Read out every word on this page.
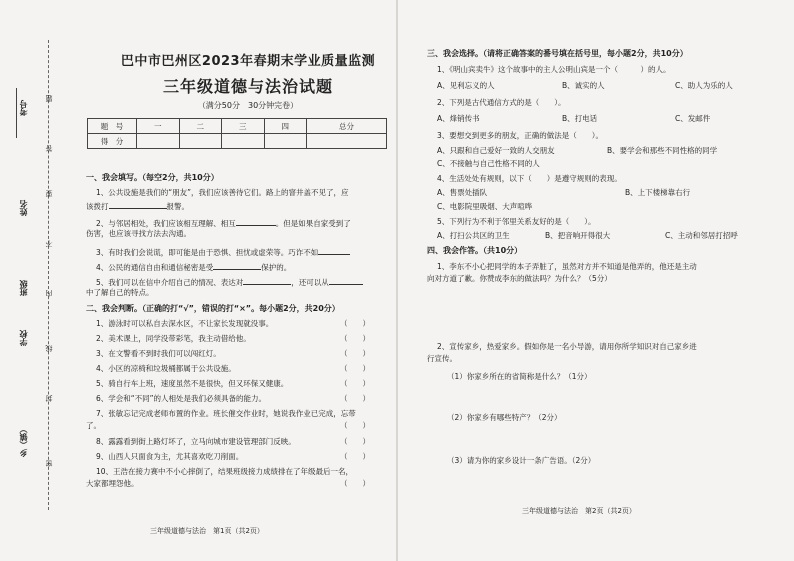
题
答
要
不
内
线
封
密
考号
姓名
班级
学校
乡（镇）
巴中市巴州区2023年春期末学业质量监测
三年级道德与法治试题
（满分50分　30分钟完卷）
题　号	一	二	三	四	总分
得　分					
一、我会填写。（每空2分，共10分）
1、公共设施是我们的“朋友”，我们应该善待它们。路上的窨井盖不见了，应
该拨打	报警。
2、与邻居相处，我们应该相互理解、相互	。但是如果自家受到了
伤害，也应该寻找方法去沟通。
3、有时我们会说谎，即可能是由于恐惧、担忧或虚荣等。巧诈不如
4、公民的通信自由和通信秘密是受	保护的。
5、我们可以在信中介绍自己的情况、表达对	，还可以从
中了解自己的特点。
二、我会判断。（正确的打“√”，错误的打“×”。每小题2分，共20分）
1、游泳时可以私自去深水区，不让家长发现就没事。	（　　）
2、美术课上，同学没带彩笔，我主动借给他。	（　　）
3、在文警看不到时我们可以闯红灯。	（　　）
4、小区的凉椅和垃圾桶都属于公共设施。	（　　）
5、骑自行车上班，速度虽然不是很快，但又环保又健康。	（　　）
6、学会和“不同”的人相处是我们必须具备的能力。	（　　）
7、张敏忘记完成老师布置的作业。班长催交作业时，她说我作业已完成，忘带
了。	（　　）
8、露露看到街上路灯坏了，立马向城市建设管理部门反映。	（　　）
9、山西人只面食为主，尤其喜欢吃刀削面。	（　　）
10、王浩在接力赛中不小心摔倒了，结果班级接力成绩排在了年级最后一名，
大家都埋怨他。	（　　）
三年级道德与法治　第1页（共2页）
三、我会选择。（请将正确答案的番号填在括号里，每小题2分，共10分）
1、《明山宾卖牛》这个故事中的主人公明山宾是一个（　　　）的人。
A、见利忘义的人	B、诚实的人	C、助人为乐的人
2、下列是古代通信方式的是（　　）。
A、烽销传书	B、打电话	C、发邮件
3、要想交到更多的朋友，正确的做法是（　　）。
A、只跟和自己爱好一致的人交朋友	B、要学会和那些不同性格的同学
C、不接触与自己性格不同的人
4、生活处处有规则，以下（　　）是遵守规则的表现。
A、售票处插队	B、上下楼梯靠右行
C、电影院里吸烟、大声喧哗
5、下列行为不利于邻里关系友好的是（　　）。
A、打扫公共区的卫生	B、把音响开得很大	C、主动和邻居打招呼
四、我会作答。（共10分）
1、李东不小心把同学的本子弄脏了，虽然对方并不知道是他弄的，他还是主动
向对方道了歉。你赞成李东的做法吗？为什么？（5分）
2、宣传家乡，热爱家乡。假如你是一名小导游，请用你所学知识对自己家乡进
行宣传。
（1）你家乡所在的省简称是什么？（1分）
（2）你家乡有哪些特产？（2分）
（3）请为你的家乡设计一条广告语。（2分）
三年级道德与法治　第2页（共2页）
